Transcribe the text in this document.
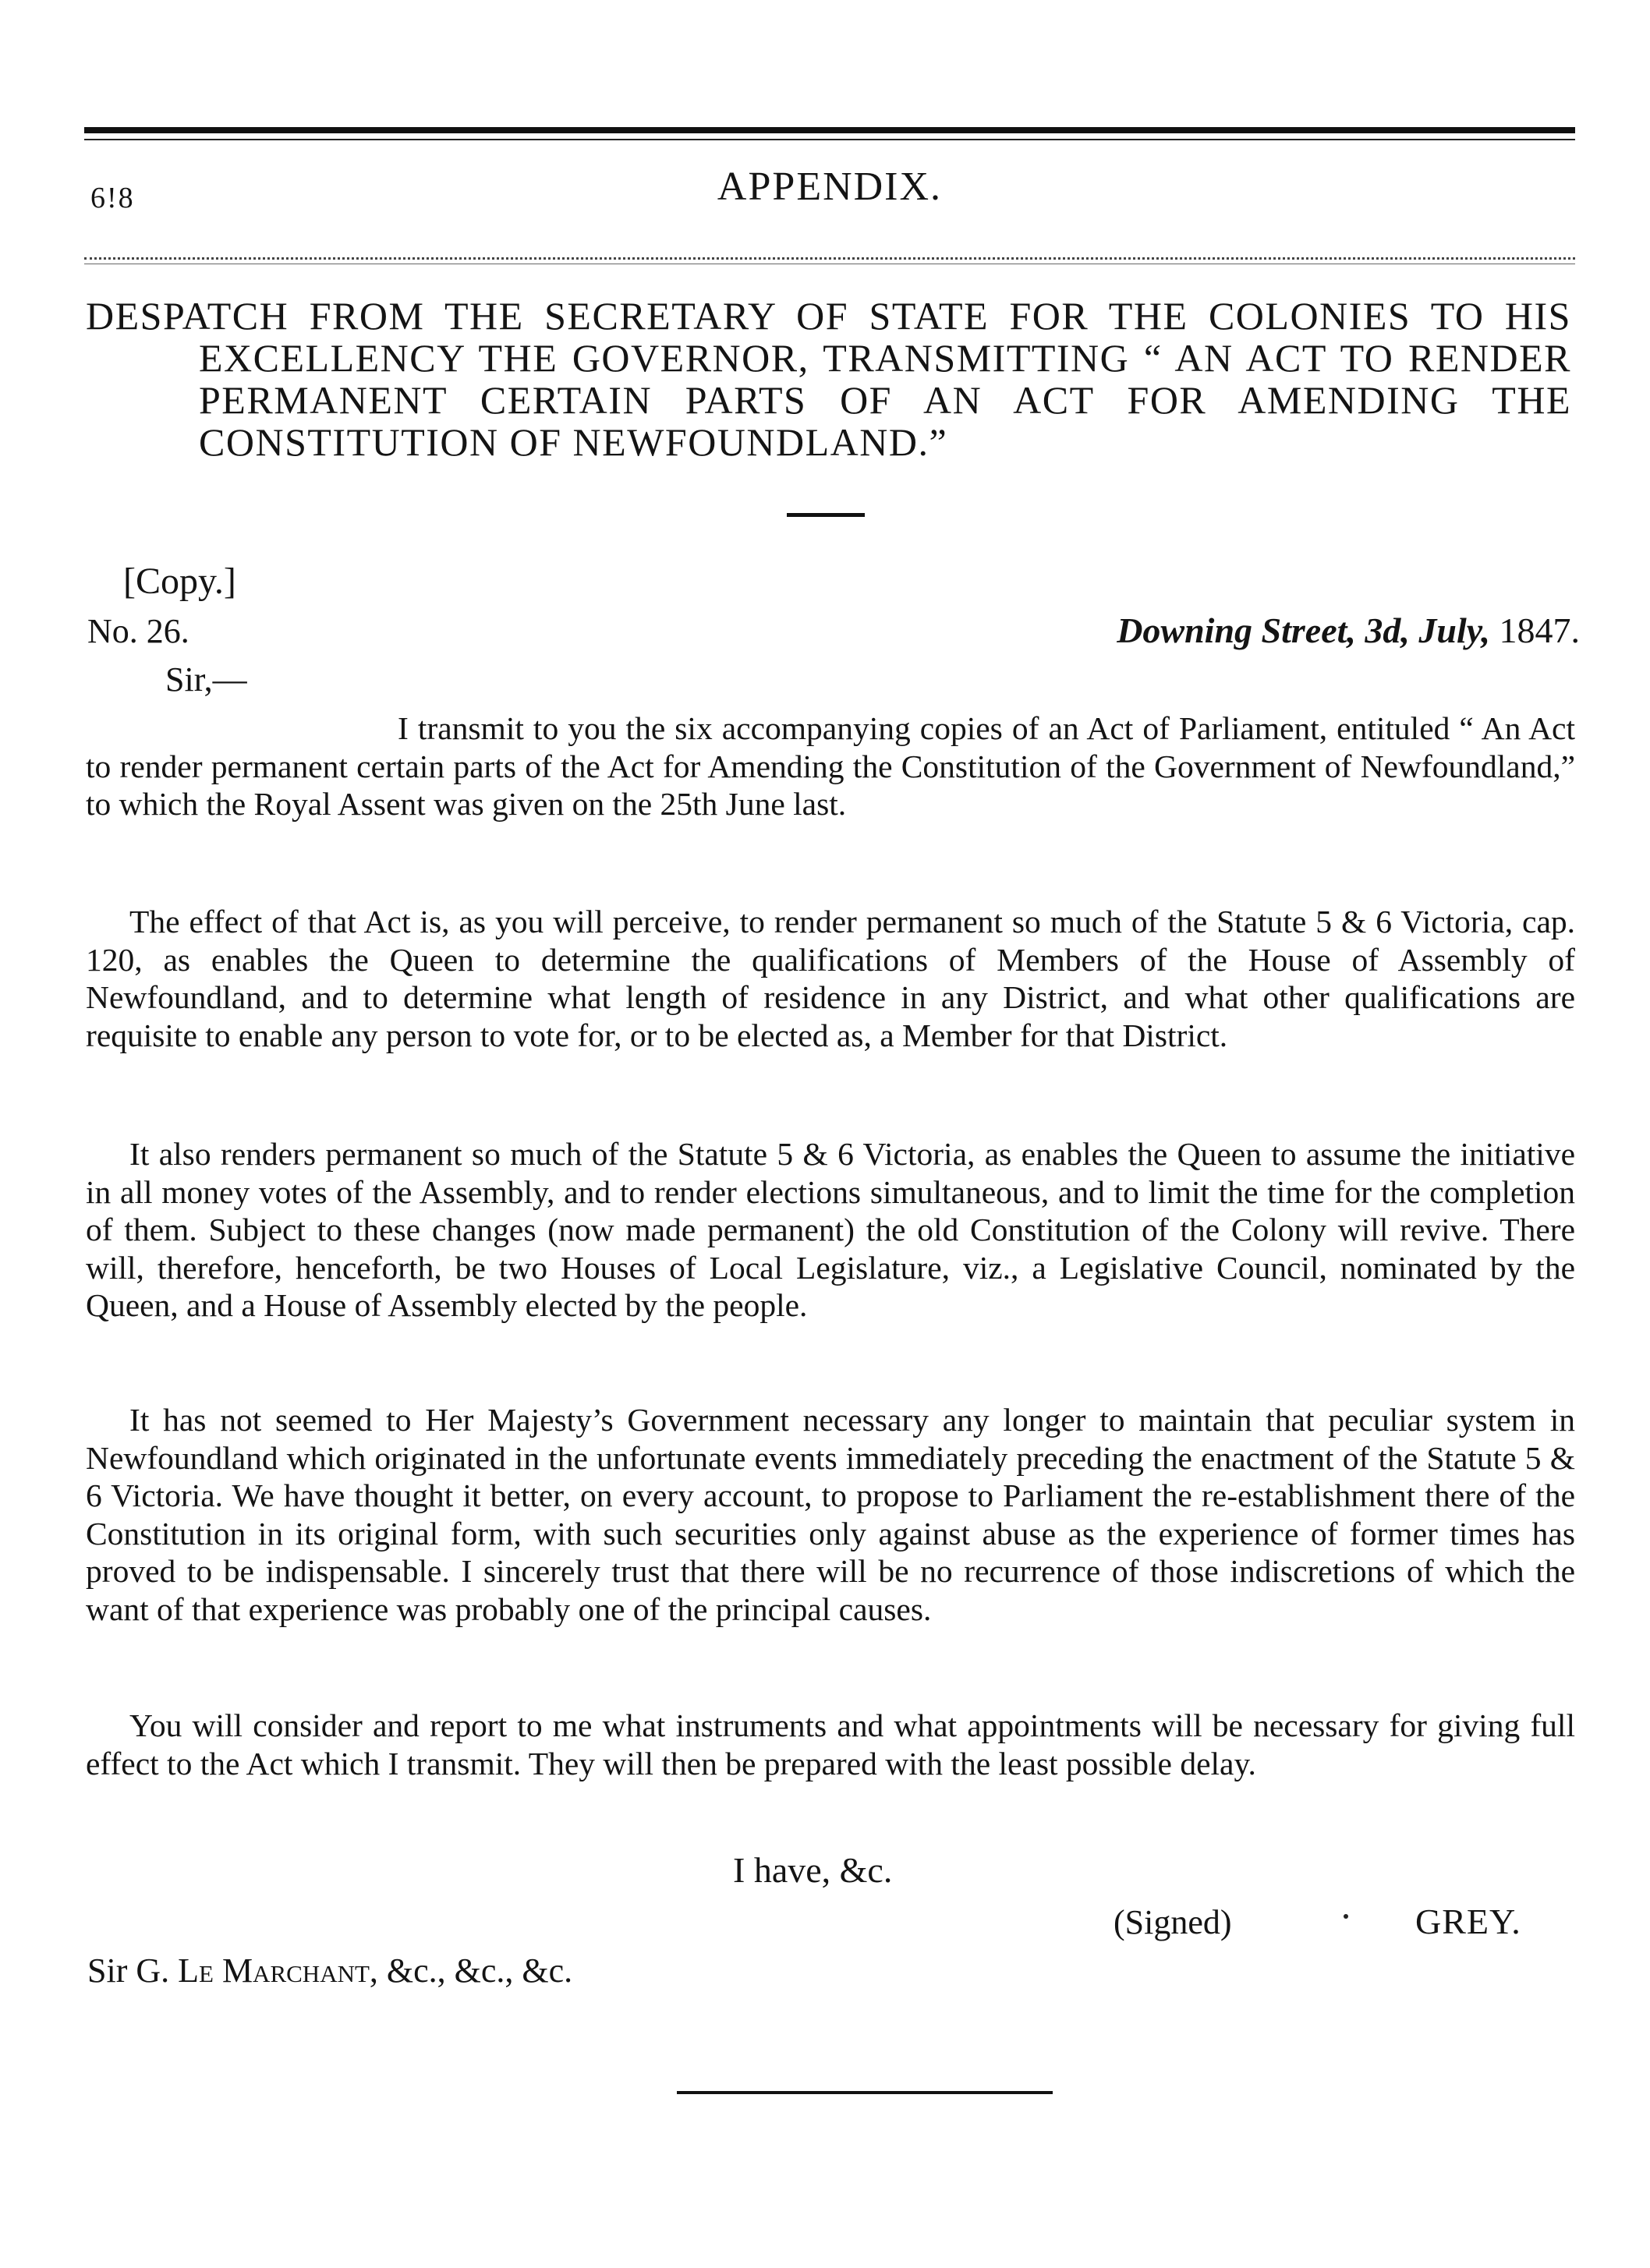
6!8	APPENDIX.
DESPATCH FROM THE SECRETARY OF STATE FOR THE COLONIES TO HIS EXCELLENCY THE GOVERNOR, TRANSMITTING “ AN ACT TO RENDER PERMANENT CERTAIN PARTS OF AN ACT FOR AMENDING THE CONSTITUTION OF NEWFOUNDLAND.”
[Copy.]
No. 26.	Downing Street, 3d, July, 1847.
Sir,—

I transmit to you the six accompanying copies of an Act of Parliament, entituled “ An Act to render permanent certain parts of the Act for Amending the Constitution of the Government of Newfoundland,” to which the Royal Assent was given on the 25th June last.

The effect of that Act is, as you will perceive, to render permanent so much of the Statute 5 & 6 Victoria, cap. 120, as enables the Queen to determine the qualifications of Members of the House of Assembly of Newfoundland, and to determine what length of residence in any District, and what other qualifications are requisite to enable any person to vote for, or to be elected as, a Member for that District.

It also renders permanent so much of the Statute 5 & 6 Victoria, as enables the Queen to assume the initiative in all money votes of the Assembly, and to render elections simultaneous, and to limit the time for the completion of them. Subject to these changes (now made permanent) the old Constitution of the Colony will revive. There will, therefore, henceforth, be two Houses of Local Legislature, viz., a Legislative Council, nominated by the Queen, and a House of Assembly elected by the people.

It has not seemed to Her Majesty’s Government necessary any longer to maintain that peculiar system in Newfoundland which originated in the unfortunate events immediately preceding the enactment of the Statute 5 & 6 Victoria. We have thought it better, on every account, to propose to Parliament the re-establishment there of the Constitution in its original form, with such securities only against abuse as the experience of former times has proved to be indispensable. I sincerely trust that there will be no recurrence of those indiscretions of which the want of that experience was probably one of the principal causes.

You will consider and report to me what instruments and what appointments will be necessary for giving full effect to the Act which I transmit. They will then be prepared with the least possible delay.

I have, &c.
(Signed)	GREY.
Sir G. Le Marchant, &c., &c., &c.
